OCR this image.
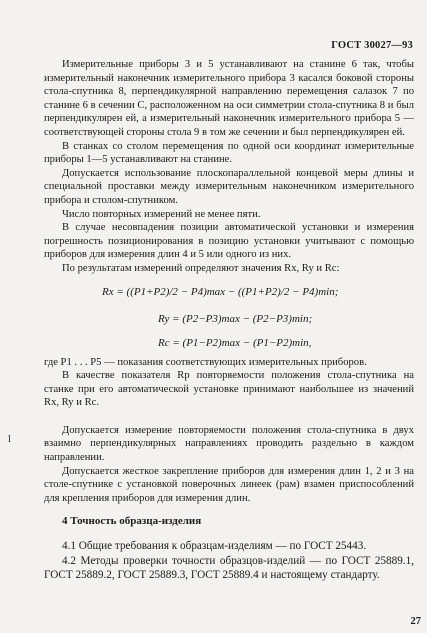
ГОСТ 30027—93

Измерительные приборы 3 и 5 устанавливают на станине 6 так, чтобы измерительный наконечник измерительного прибора 3 касался боковой стороны стола-спутника 8, перпендикулярной направлению перемещения салазок 7 по станине 6 в сечении С, расположенном на оси симметрии стола-спутника 8 и был перпендикулярен ей, а измерительный наконечник измерительного прибора 5 — соответствующей стороны стола 9 в том же сечении и был перпендикулярен ей.

В станках со столом перемещения по одной оси координат измерительные приборы 1—5 устанавливают на станине.

Допускается использование плоскопараллельной концевой меры длины и специальной проставки между измерительным наконечником измерительного прибора и столом-спутником.

Число повторных измерений не менее пяти.

В случае несовпадения позиции автоматической установки и измерения погрешность позиционирования в позицию установки учитывают с помощью приборов для измерения длин 4 и 5 или одного из них.

По результатам измерений определяют значения Rx, Ry и Rc:

Rx = ((P1+P2)/2 − P4)max − ((P1+P2)/2 − P4)min;
Ry = (P2−P3)max − (P2−P3)min;
Rc = (P1−P2)max − (P1−P2)min,

где P1 . . . P5 — показания соответствующих измерительных приборов.

В качестве показателя Rp повторяемости положения стола-спутника на станке при его автоматической установке принимают наибольшее из значений Rx, Ry и Rc.

Допускается измерение повторяемости положения стола-спутника в двух взаимно перпендикулярных направлениях проводить раздельно в каждом направлении.

Допускается жесткое закрепление приборов для измерения длин 1, 2 и 3 на столе-спутнике с установкой поверочных линеек (рам) взамен приспособлений для крепления приборов для измерения длин.

4 Точность образца-изделия

4.1 Общие требования к образцам-изделиям — по ГОСТ 25443.

4.2 Методы проверки точности образцов-изделий — по ГОСТ 25889.1, ГОСТ 25889.2, ГОСТ 25889.3, ГОСТ 25889.4 и настоящему стандарту.

l
27
